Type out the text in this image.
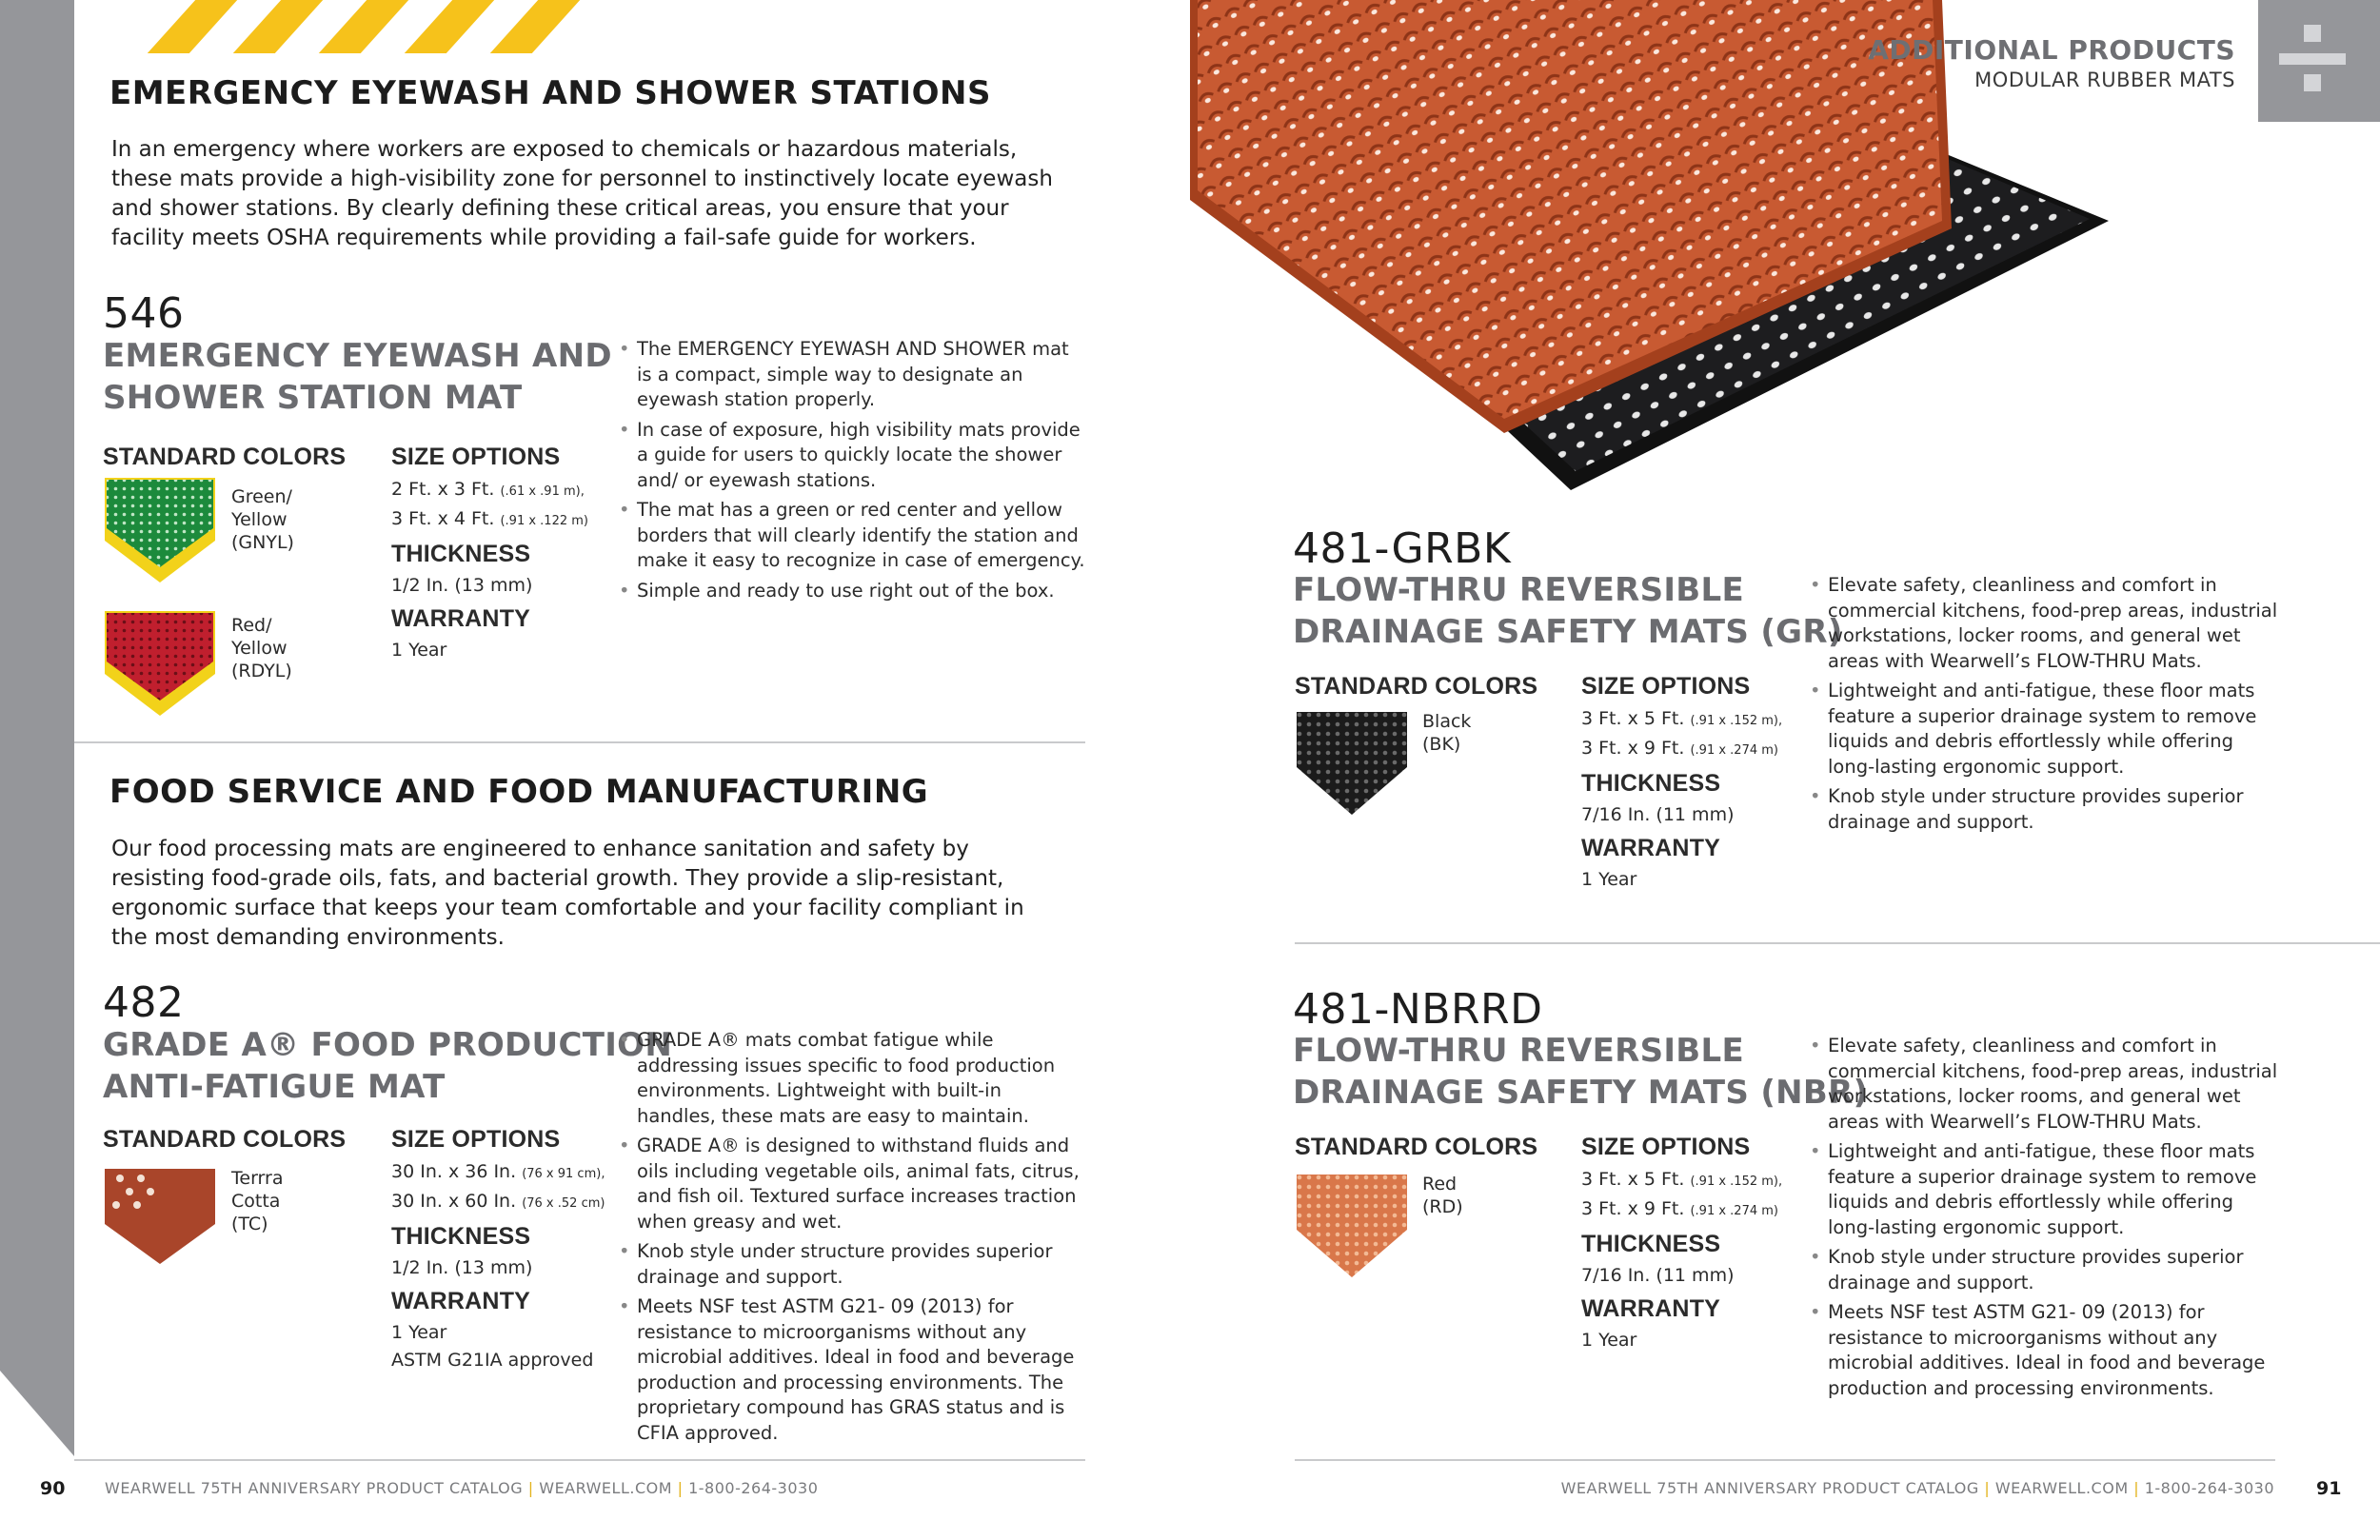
EMERGENCY EYEWASH AND SHOWER STATIONS
In an emergency where workers are exposed to chemicals or hazardous materials, these mats provide a high-visibility zone for personnel to instinctively locate eyewash and shower stations. By clearly defining these critical areas, you ensure that your facility meets OSHA requirements while providing a fail-safe guide for workers.
546
EMERGENCY EYEWASH AND
SHOWER STATION MAT
STANDARD COLORS
Green/
Yellow
(GNYL)
Red/
Yellow
(RDYL)
SIZE OPTIONS
2 Ft. x 3 Ft. (.61 x .91 m),
3 Ft. x 4 Ft. (.91 x .122 m)
THICKNESS
1/2 In. (13 mm)
WARRANTY
1 Year
• The EMERGENCY EYEWASH AND SHOWER mat is a compact, simple way to designate an eyewash station properly.
• In case of exposure, high visibility mats provide a guide for users to quickly locate the shower and/ or eyewash stations.
• The mat has a green or red center and yellow borders that will clearly identify the station and make it easy to recognize in case of emergency.
• Simple and ready to use right out of the box.
FOOD SERVICE AND FOOD MANUFACTURING
Our food processing mats are engineered to enhance sanitation and safety by resisting food-grade oils, fats, and bacterial growth. They provide a slip-resistant, ergonomic surface that keeps your team comfortable and your facility compliant in the most demanding environments.
482
GRADE A® FOOD PRODUCTION
ANTI-FATIGUE MAT
STANDARD COLORS
Terrra
Cotta
(TC)
SIZE OPTIONS
30 In. x 36 In. (76 x 91 cm),
30 In. x 60 In. (76 x .52 cm)
THICKNESS
1/2 In. (13 mm)
WARRANTY
1 Year
ASTM G21IA approved
• GRADE A® mats combat fatigue while addressing issues specific to food production environments. Lightweight with built-in handles, these mats are easy to maintain.
• GRADE A® is designed to withstand fluids and oils including vegetable oils, animal fats, citrus, and fish oil. Textured surface increases traction when greasy and wet.
• Knob style under structure provides superior drainage and support.
• Meets NSF test ASTM G21- 09 (2013) for resistance to microorganisms without any microbial additives. Ideal in food and beverage production and processing environments. The proprietary compound has GRAS status and is CFIA approved.
90	WEARWELL 75TH ANNIVERSARY PRODUCT CATALOG | WEARWELL.COM | 1-800-264-3030
ADDITIONAL PRODUCTS
MODULAR RUBBER MATS
481-GRBK
FLOW-THRU REVERSIBLE
DRAINAGE SAFETY MATS (GR)
STANDARD COLORS
Black
(BK)
SIZE OPTIONS
3 Ft. x 5 Ft. (.91 x .152 m),
3 Ft. x 9 Ft. (.91 x .274 m)
THICKNESS
7/16 In. (11 mm)
WARRANTY
1 Year
• Elevate safety, cleanliness and comfort in commercial kitchens, food-prep areas, industrial workstations, locker rooms, and general wet areas with Wearwell’s FLOW-THRU Mats.
• Lightweight and anti-fatigue, these floor mats feature a superior drainage system to remove liquids and debris effortlessly while offering long-lasting ergonomic support.
• Knob style under structure provides superior drainage and support.
481-NBRRD
FLOW-THRU REVERSIBLE
DRAINAGE SAFETY MATS (NBR)
STANDARD COLORS
Red
(RD)
SIZE OPTIONS
3 Ft. x 5 Ft. (.91 x .152 m),
3 Ft. x 9 Ft. (.91 x .274 m)
THICKNESS
7/16 In. (11 mm)
WARRANTY
1 Year
• Elevate safety, cleanliness and comfort in commercial kitchens, food-prep areas, industrial workstations, locker rooms, and general wet areas with Wearwell’s FLOW-THRU Mats.
• Lightweight and anti-fatigue, these floor mats feature a superior drainage system to remove liquids and debris effortlessly while offering long-lasting ergonomic support.
• Knob style under structure provides superior drainage and support.
• Meets NSF test ASTM G21- 09 (2013) for resistance to microorganisms without any microbial additives. Ideal in food and beverage production and processing environments.
WEARWELL 75TH ANNIVERSARY PRODUCT CATALOG | WEARWELL.COM | 1-800-264-3030 91
